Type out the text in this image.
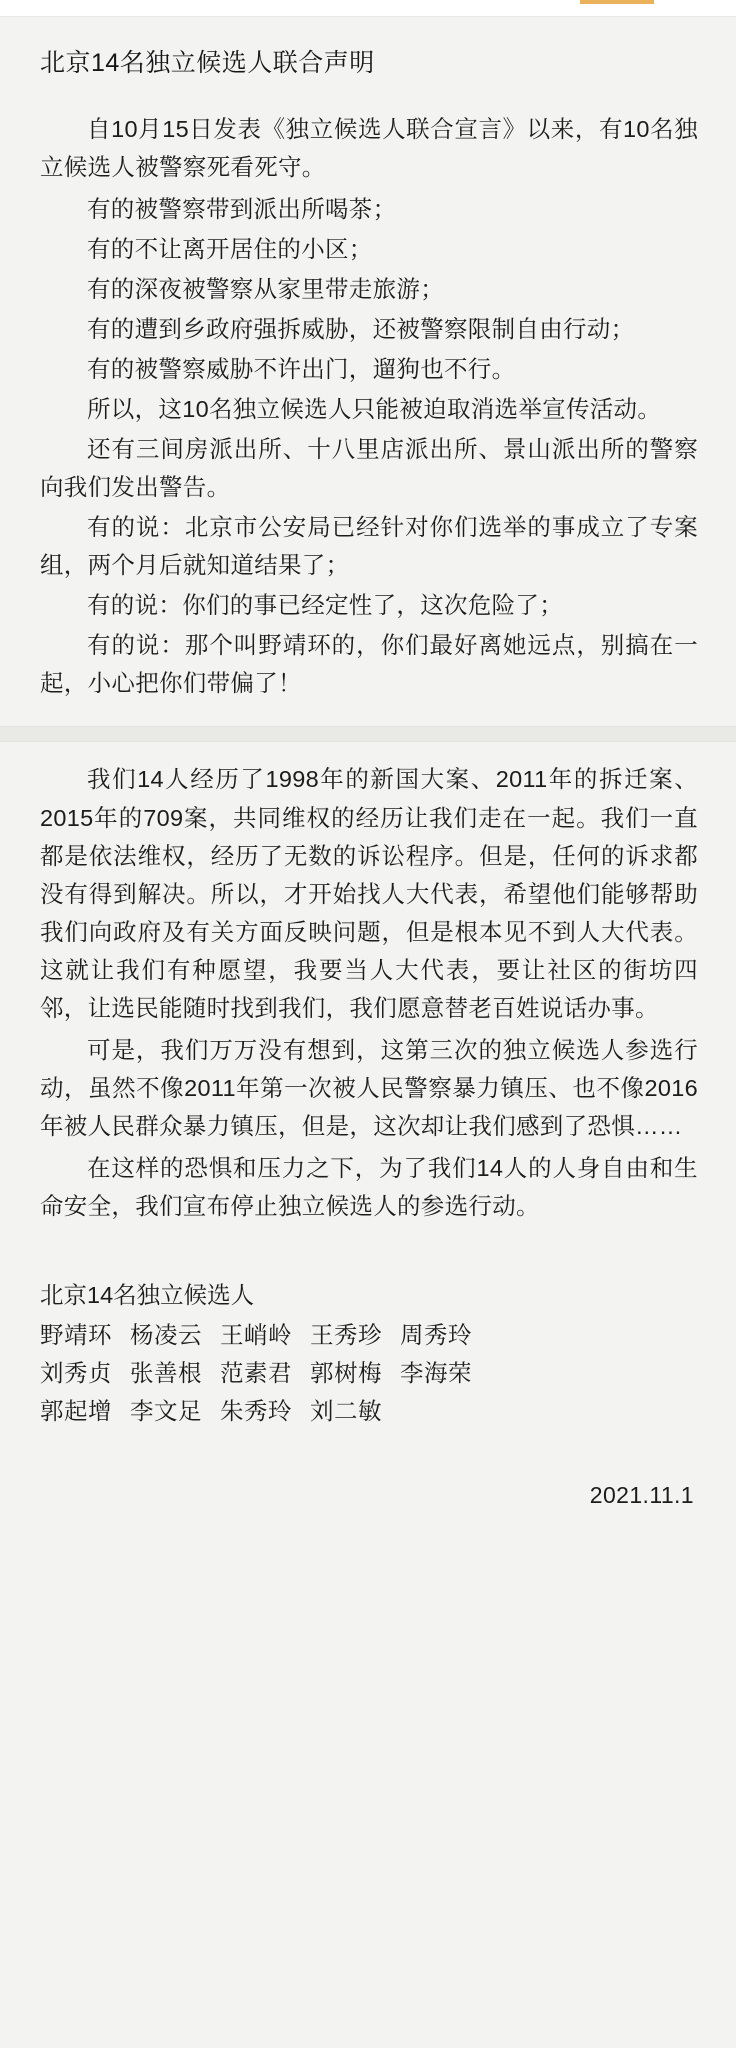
北京14名独立候选人联合声明

自10月15日发表《独立候选人联合宣言》以来，有10名独立候选人被警察死看死守。

有的被警察带到派出所喝茶；

有的不让离开居住的小区；

有的深夜被警察从家里带走旅游；

有的遭到乡政府强拆威胁，还被警察限制自由行动；

有的被警察威胁不许出门，遛狗也不行。

所以，这10名独立候选人只能被迫取消选举宣传活动。

还有三间房派出所、十八里店派出所、景山派出所的警察向我们发出警告。

有的说：北京市公安局已经针对你们选举的事成立了专案组，两个月后就知道结果了；

有的说：你们的事已经定性了，这次危险了；

有的说：那个叫野靖环的，你们最好离她远点，别搞在一起，小心把你们带偏了！

我们14人经历了1998年的新国大案、2011年的拆迁案、2015年的709案，共同维权的经历让我们走在一起。我们一直都是依法维权，经历了无数的诉讼程序。但是，任何的诉求都没有得到解决。所以，才开始找人大代表，希望他们能够帮助我们向政府及有关方面反映问题，但是根本见不到人大代表。这就让我们有种愿望，我要当人大代表，要让社区的街坊四邻，让选民能随时找到我们，我们愿意替老百姓说话办事。

可是，我们万万没有想到，这第三次的独立候选人参选行动，虽然不像2011年第一次被人民警察暴力镇压、也不像2016年被人民群众暴力镇压，但是，这次却让我们感到了恐惧……

在这样的恐惧和压力之下，为了我们14人的人身自由和生命安全，我们宣布停止独立候选人的参选行动。

北京14名独立候选人
野靖环 杨凌云 王峭岭 王秀珍 周秀玲
刘秀贞 张善根 范素君 郭树梅 李海荣
郭起增 李文足 朱秀玲 刘二敏
2021.11.1
